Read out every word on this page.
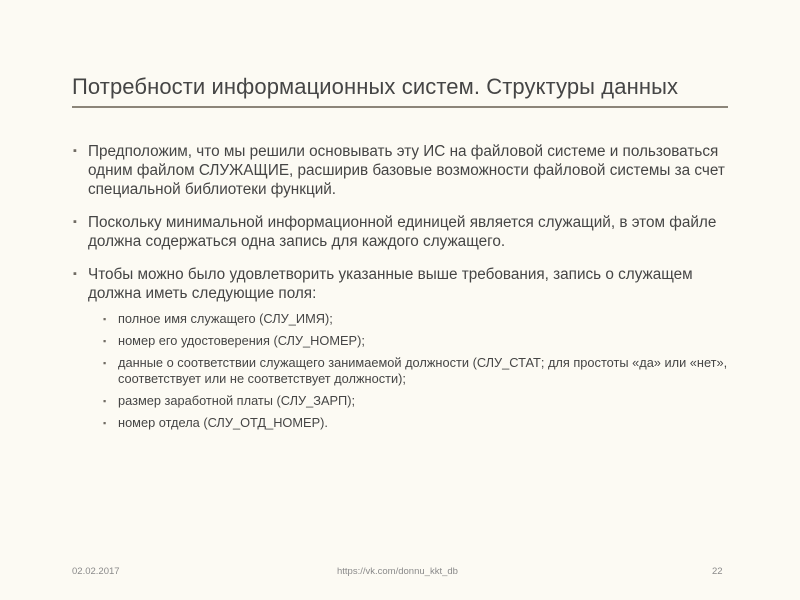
Потребности информационных систем. Структуры данных
▪ Предположим, что мы решили основывать эту ИС на файловой системе и пользоваться одним файлом СЛУЖАЩИЕ, расширив базовые возможности файловой системы за счет специальной библиотеки функций.
▪ Поскольку минимальной информационной единицей является служащий, в этом файле должна содержаться одна запись для каждого служащего.
▪ Чтобы можно было удовлетворить указанные выше требования, запись о служащем должна иметь следующие поля:
▪ полное имя служащего (СЛУ_ИМЯ);
▪ номер его удостоверения (СЛУ_НОМЕР);
▪ данные о соответствии служащего занимаемой должности (СЛУ_СТАТ; для простоты «да» или «нет», соответствует или не соответствует должности);
▪ размер заработной платы (СЛУ_ЗАРП);
▪ номер отдела (СЛУ_ОТД_НОМЕР).
02.02.2017	https://vk.com/donnu_kkt_db	22
